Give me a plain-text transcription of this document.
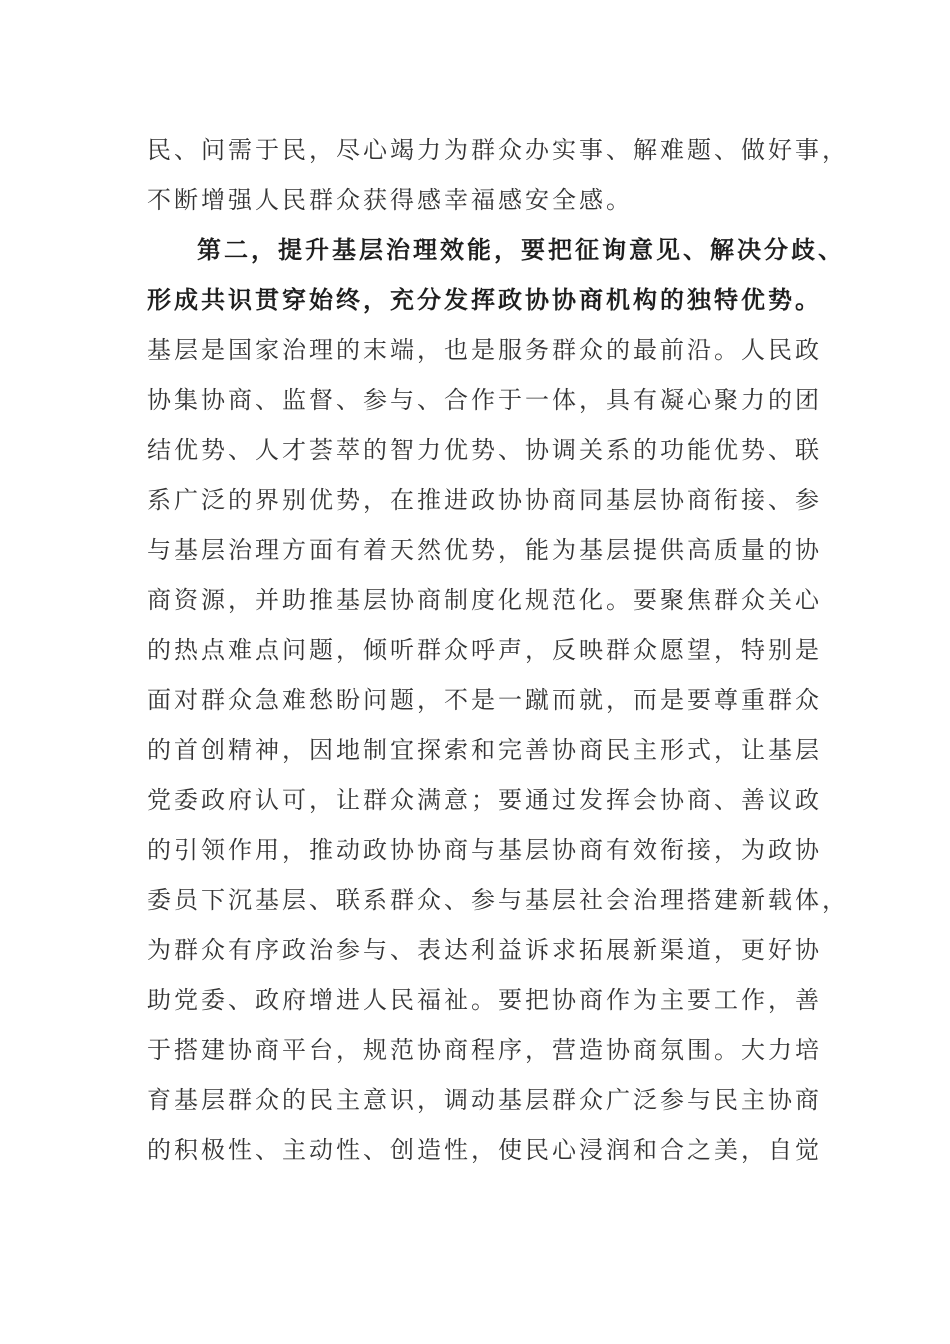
民、问需于民，尽心竭力为群众办实事、解难题、做好事，
不断增强人民群众获得感幸福感安全感。
第二，提升基层治理效能，要把征询意见、解决分歧、
形成共识贯穿始终，充分发挥政协协商机构的独特优势。
基层是国家治理的末端，也是服务群众的最前沿。人民政
协集协商、监督、参与、合作于一体，具有凝心聚力的团
结优势、人才荟萃的智力优势、协调关系的功能优势、联
系广泛的界别优势，在推进政协协商同基层协商衔接、参
与基层治理方面有着天然优势，能为基层提供高质量的协
商资源，并助推基层协商制度化规范化。要聚焦群众关心
的热点难点问题，倾听群众呼声，反映群众愿望，特别是
面对群众急难愁盼问题，不是一蹴而就，而是要尊重群众
的首创精神，因地制宜探索和完善协商民主形式，让基层
党委政府认可，让群众满意；要通过发挥会协商、善议政
的引领作用，推动政协协商与基层协商有效衔接，为政协
委员下沉基层、联系群众、参与基层社会治理搭建新载体，
为群众有序政治参与、表达利益诉求拓展新渠道，更好协
助党委、政府增进人民福祉。要把协商作为主要工作，善
于搭建协商平台，规范协商程序，营造协商氛围。大力培
育基层群众的民主意识，调动基层群众广泛参与民主协商
的积极性、主动性、创造性，使民心浸润和合之美，自觉
